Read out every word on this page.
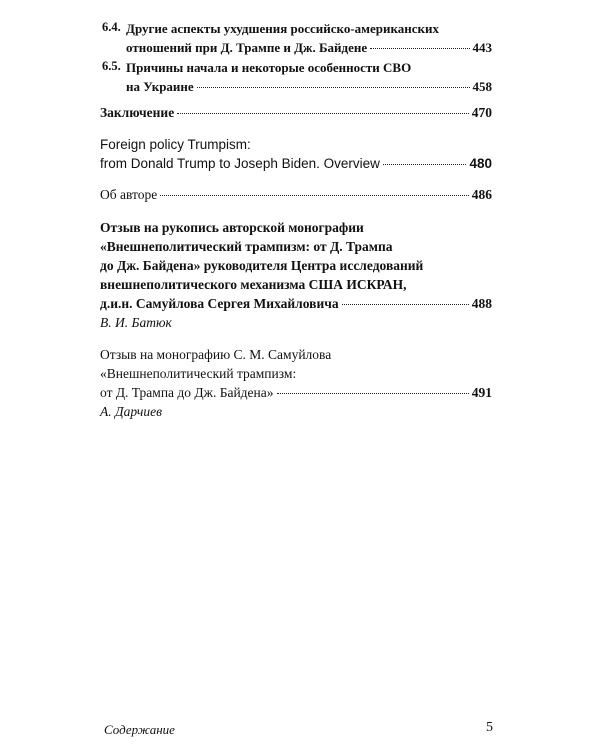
6.4. Другие аспекты ухудшения российско-американских
отношений при Д. Трампе и Дж. Байдене	443
6.5. Причины начала и некоторые особенности СВО
на Украине	458
Заключение	470
Foreign policy Trumpism:
from Donald Trump to Joseph Biden. Overview	480
Об авторе	486
Отзыв на рукопись авторской монографии
«Внешнеполитический трампизм: от Д. Трампа
до Дж. Байдена» руководителя Центра исследований
внешнеполитического механизма США ИСКРАН,
д.и.н. Самуйлова Сергея Михайловича	488
В. И. Батюк
Отзыв на монографию С. М. Самуйлова
«Внешнеполитический трампизм:
от Д. Трампа до Дж. Байдена»	491
А. Дарчиев
Содержание	5
